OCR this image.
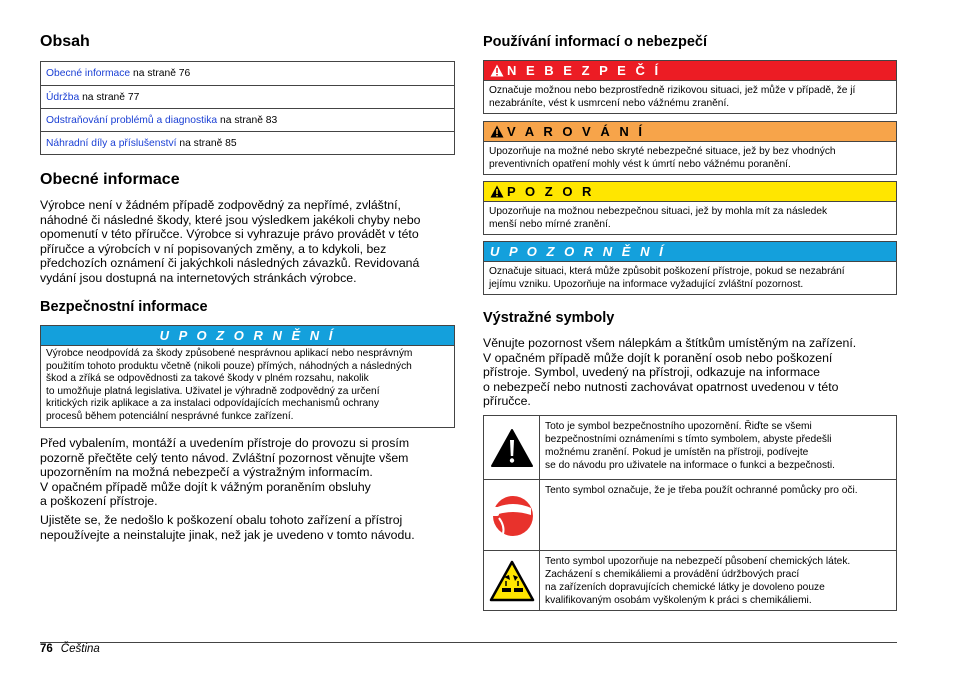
Obsah
Obecné informace na straně 76
Údržba na straně 77
Odstraňování problémů a diagnostika na straně 83
Náhradní díly a příslušenství na straně 85
Obecné informace
Výrobce není v žádném případě zodpovědný za nepřímé, zvláštní,
náhodné či následné škody, které jsou výsledkem jakékoli chyby nebo
opomenutí v této příručce. Výrobce si vyhrazuje právo provádět v této
příručce a výrobcích v ní popisovaných změny, a to kdykoli, bez
předchozích oznámení či jakýchkoli následných závazků. Revidovaná
vydání jsou dostupná na internetových stránkách výrobce.
Bezpečnostní informace
U P O Z O R N Ě N Í
Výrobce neodpovídá za škody způsobené nesprávnou aplikací nebo nesprávným
použitím tohoto produktu včetně (nikoli pouze) přímých, náhodných a následných
škod a zříká se odpovědnosti za takové škody v plném rozsahu, nakolik
to umožňuje platná legislativa. Uživatel je výhradně zodpovědný za určení
kritických rizik aplikace a za instalaci odpovídajících mechanismů ochrany
procesů během potenciální nesprávné funkce zařízení.
Před vybalením, montáží a uvedením přístroje do provozu si prosím
pozorně přečtěte celý tento návod. Zvláštní pozornost věnujte všem
upozorněním na možná nebezpečí a výstražným informacím.
V opačném případě může dojít k vážným poraněním obsluhy
a poškození přístroje.
Ujistěte se, že nedošlo k poškození obalu tohoto zařízení a přístroj
nepoužívejte a neinstalujte jinak, než jak je uvedeno v tomto návodu.
Používání informací o nebezpečí
N E B E Z P E Č Í
Označuje možnou nebo bezprostředně rizikovou situaci, jež může v případě, že jí
nezabráníte, vést k usmrcení nebo vážnému zranění.
V A R O V Á N Í
Upozorňuje na možné nebo skryté nebezpečné situace, jež by bez vhodných
preventivních opatření mohly vést k úmrtí nebo vážnému poranění.
P O Z O R
Upozorňuje na možnou nebezpečnou situaci, jež by mohla mít za následek
menší nebo mírné zranění.
U P O Z O R N Ě N Í
Označuje situaci, která může způsobit poškození přístroje, pokud se nezabrání
jejímu vzniku. Upozorňuje na informace vyžadující zvláštní pozornost.
Výstražné symboly
Věnujte pozornost všem nálepkám a štítkům umístěným na zařízení.
V opačném případě může dojít k poranění osob nebo poškození
přístroje. Symbol, uvedený na přístroji, odkazuje na informace
o nebezpečí nebo nutnosti zachovávat opatrnost uvedenou v této
příručce.
Toto je symbol bezpečnostního upozornění. Řiďte se všemi
bezpečnostními oznámeními s tímto symbolem, abyste předešli
možnému zranění. Pokud je umístěn na přístroji, podívejte
se do návodu pro uživatele na informace o funkci a bezpečnosti.
Tento symbol označuje, že je třeba použít ochranné pomůcky pro oči.
Tento symbol upozorňuje na nebezpečí působení chemických látek.
Zacházení s chemikáliemi a provádění údržbových prací
na zařízeních dopravujících chemické látky je dovoleno pouze
kvalifikovaným osobám vyškoleným k práci s chemikáliemi.
76 Čeština
